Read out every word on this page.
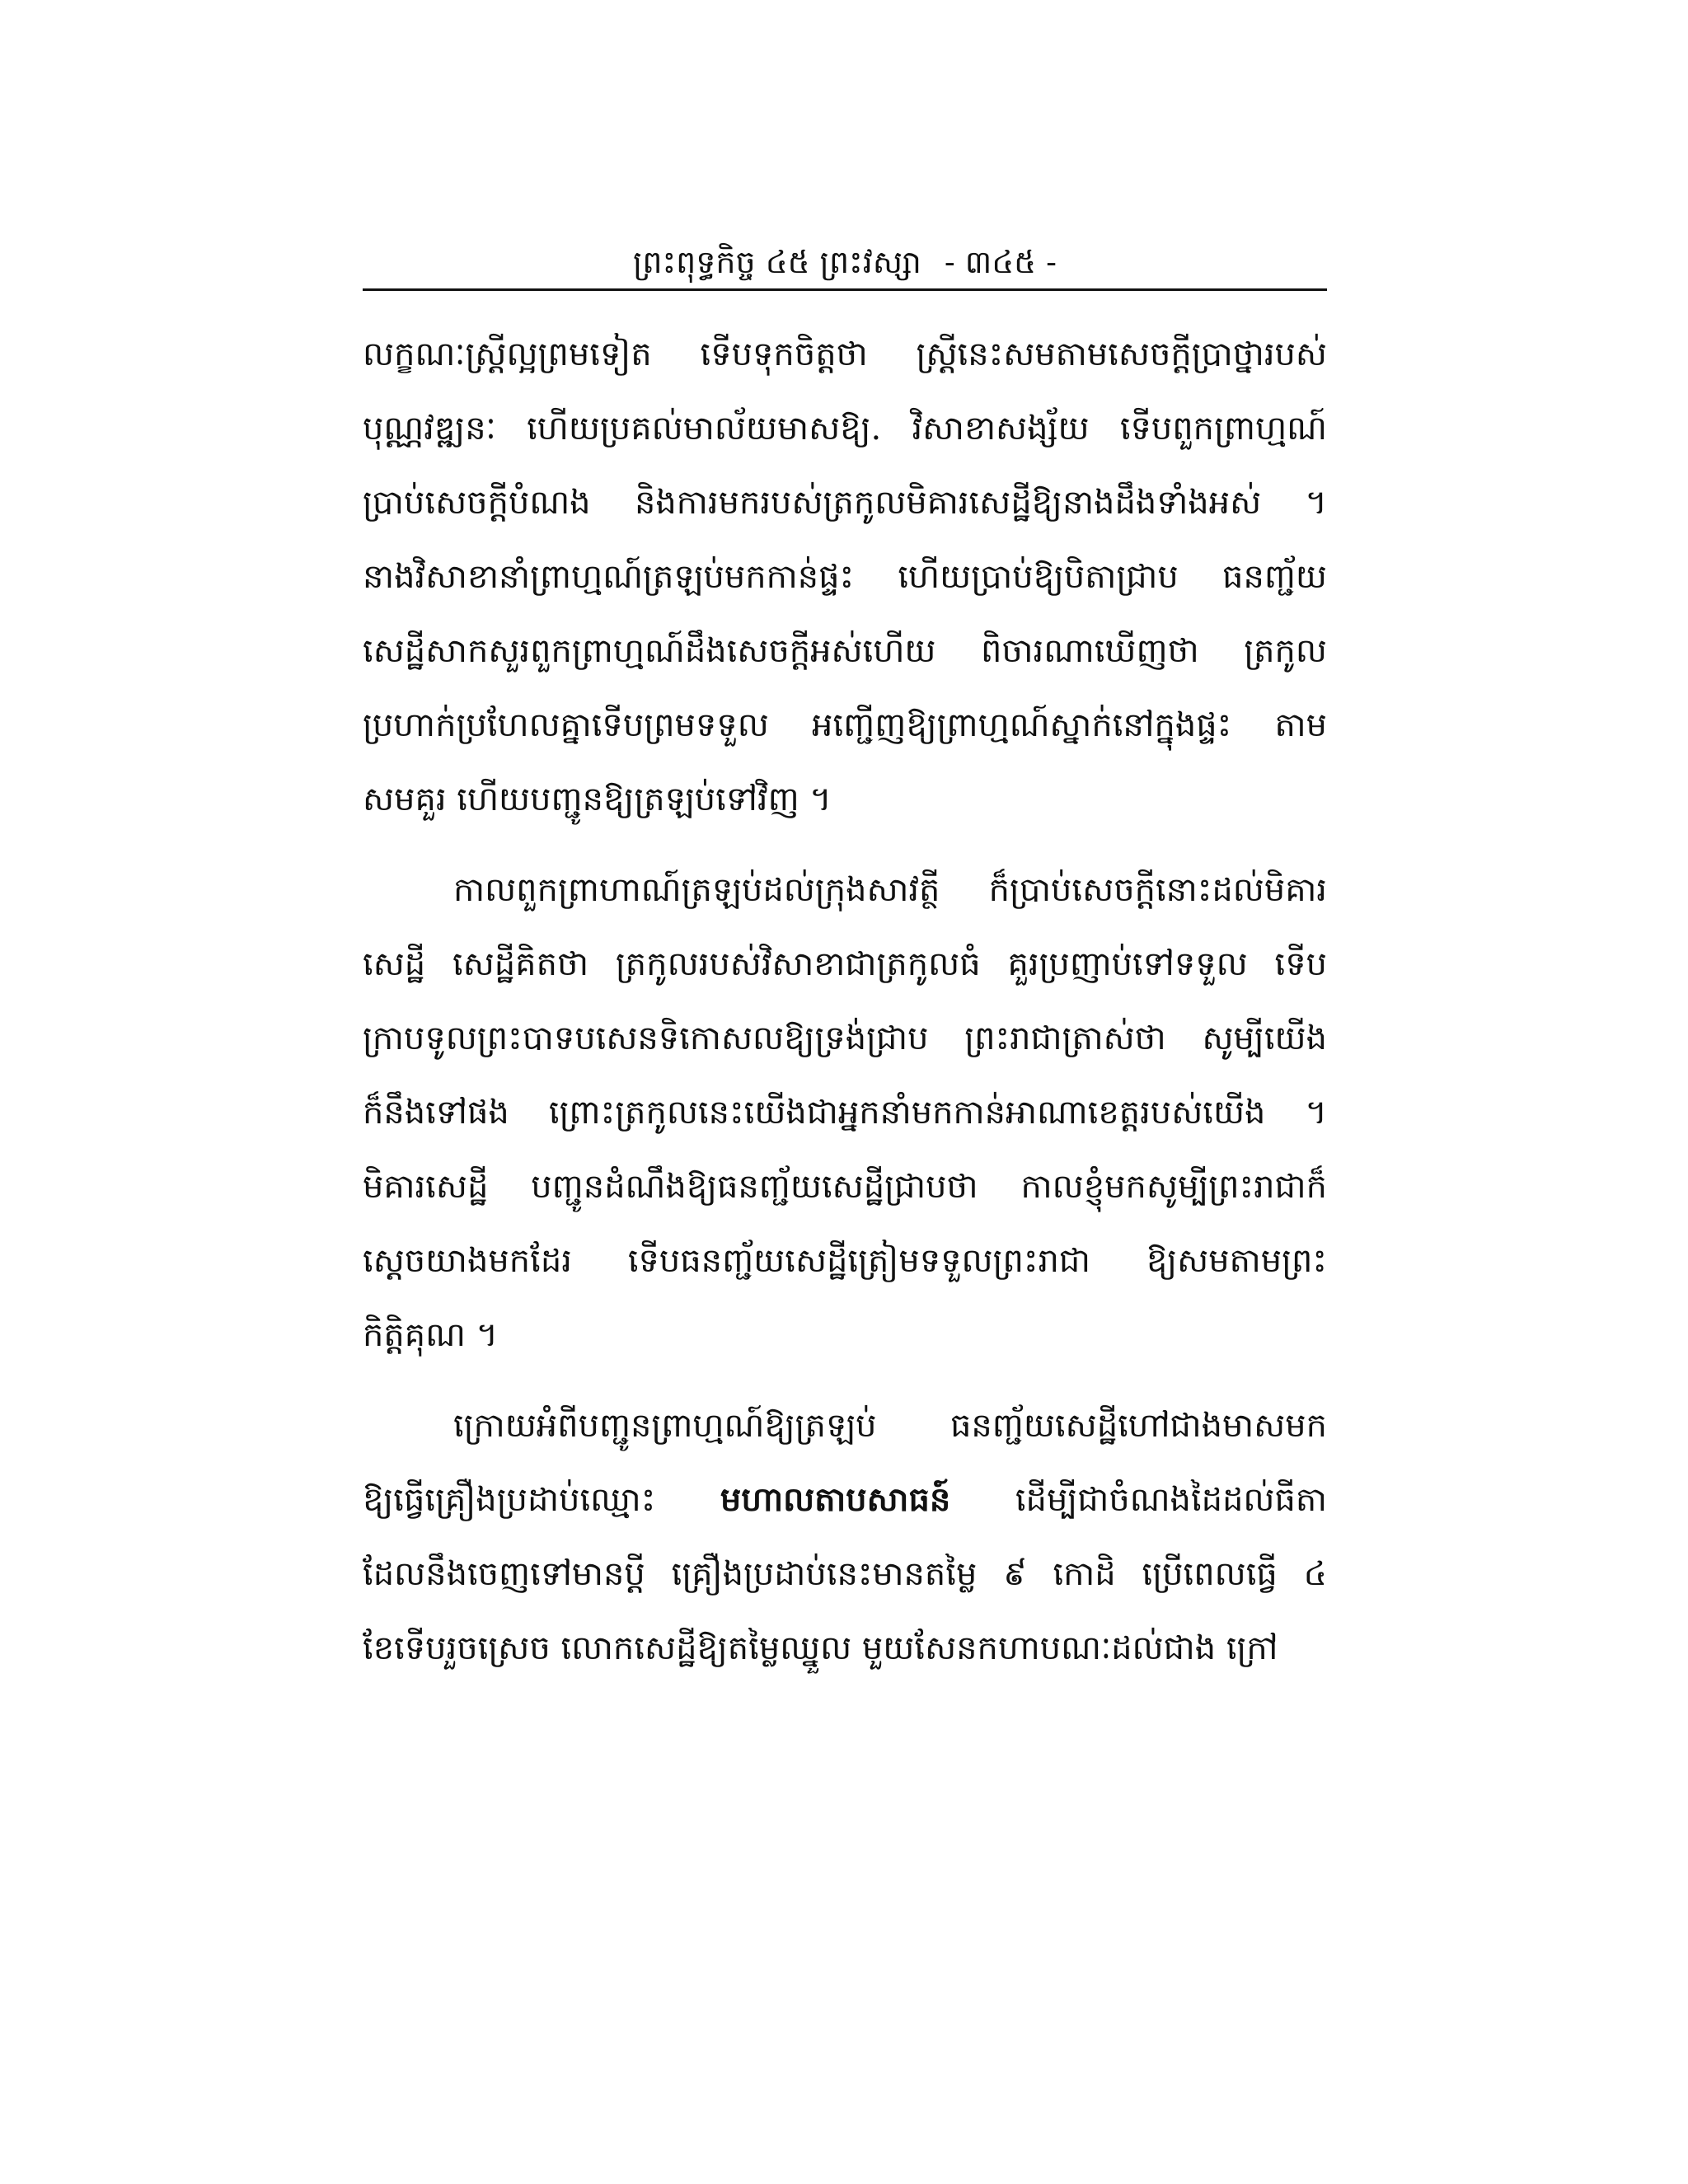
ព្រះពុទ្ធកិច្ច ៤៥ ព្រះវស្សា - ៣៤៥ -
លក្ខណៈស្ត្រីល្អព្រមទៀត ទើបទុកចិត្តថា ស្ត្រីនេះសមតាមសេចក្ដីប្រាថ្នារបស់
បុណ្ណវឌ្ឍនៈ ហើយប្រគល់មាល័យមាសឱ្យ. វិសាខាសង្ស័យ ទើបពួកព្រាហ្មណ៍
ប្រាប់សេចក្ដីបំណង និងការមករបស់ត្រកូលមិគារសេដ្ឋីឱ្យនាងដឹងទាំងអស់ ។
នាងវិសាខានាំព្រាហ្មណ៍ត្រឡប់មកកាន់ផ្ទះ ហើយប្រាប់ឱ្យបិតាជ្រាប ធនញ្ជ័យ
សេដ្ឋីសាកសួរពួកព្រាហ្មណ៍ដឹងសេចក្ដីអស់ហើយ ពិចារណាឃើញថា ត្រកូល
ប្រហាក់ប្រហែលគ្នាទើបព្រមទទួល អញ្ជើញឱ្យព្រាហ្មណ៍ស្នាក់នៅក្នុងផ្ទះ តាម
សមគួរ ហើយបញ្ជូនឱ្យត្រឡប់ទៅវិញ ។
កាលពួកព្រាហាណ៍ត្រឡប់ដល់ក្រុងសាវត្ថី ក៏ប្រាប់សេចក្ដីនោះដល់មិគារ
សេដ្ឋី សេដ្ឋីគិតថា ត្រកូលរបស់វិសាខាជាត្រកូលធំ គួរប្រញាប់ទៅទទួល ទើប
ក្រាបទូលព្រះបាទបសេនទិកោសលឱ្យទ្រង់ជ្រាប ព្រះរាជាត្រាស់ថា សូម្បីយើង
ក៏នឹងទៅផង ព្រោះត្រកូលនេះយើងជាអ្នកនាំមកកាន់អាណាខេត្តរបស់យើង ។
មិគារសេដ្ឋី បញ្ជូនដំណឹងឱ្យធនញ្ជ័យសេដ្ឋីជ្រាបថា កាលខ្ញុំមកសូម្បីព្រះរាជាក៏
ស្ដេចយាងមកដែរ ទើបធនញ្ជ័យសេដ្ឋីត្រៀមទទួលព្រះរាជា ឱ្យសមតាមព្រះ
កិត្តិគុណ ។
ក្រោយអំពីបញ្ជូនព្រាហ្មណ៍ឱ្យត្រឡប់ ធនញ្ជ័យសេដ្ឋីហៅជាងមាសមក
ឱ្យធ្វើគ្រឿងប្រដាប់ឈ្មោះ មហាលតាបសាធន៍ ដើម្បីជាចំណងដៃដល់ធីតា
ដែលនឹងចេញទៅមានប្ដី គ្រឿងប្រដាប់នេះមានតម្លៃ ៩ កោដិ ប្រើពេលធ្វើ ៤
ខែទើបរួចស្រេច លោកសេដ្ឋីឱ្យតម្លៃឈ្នួល មួយសែនកហាបណៈដល់ជាង ក្រៅ
